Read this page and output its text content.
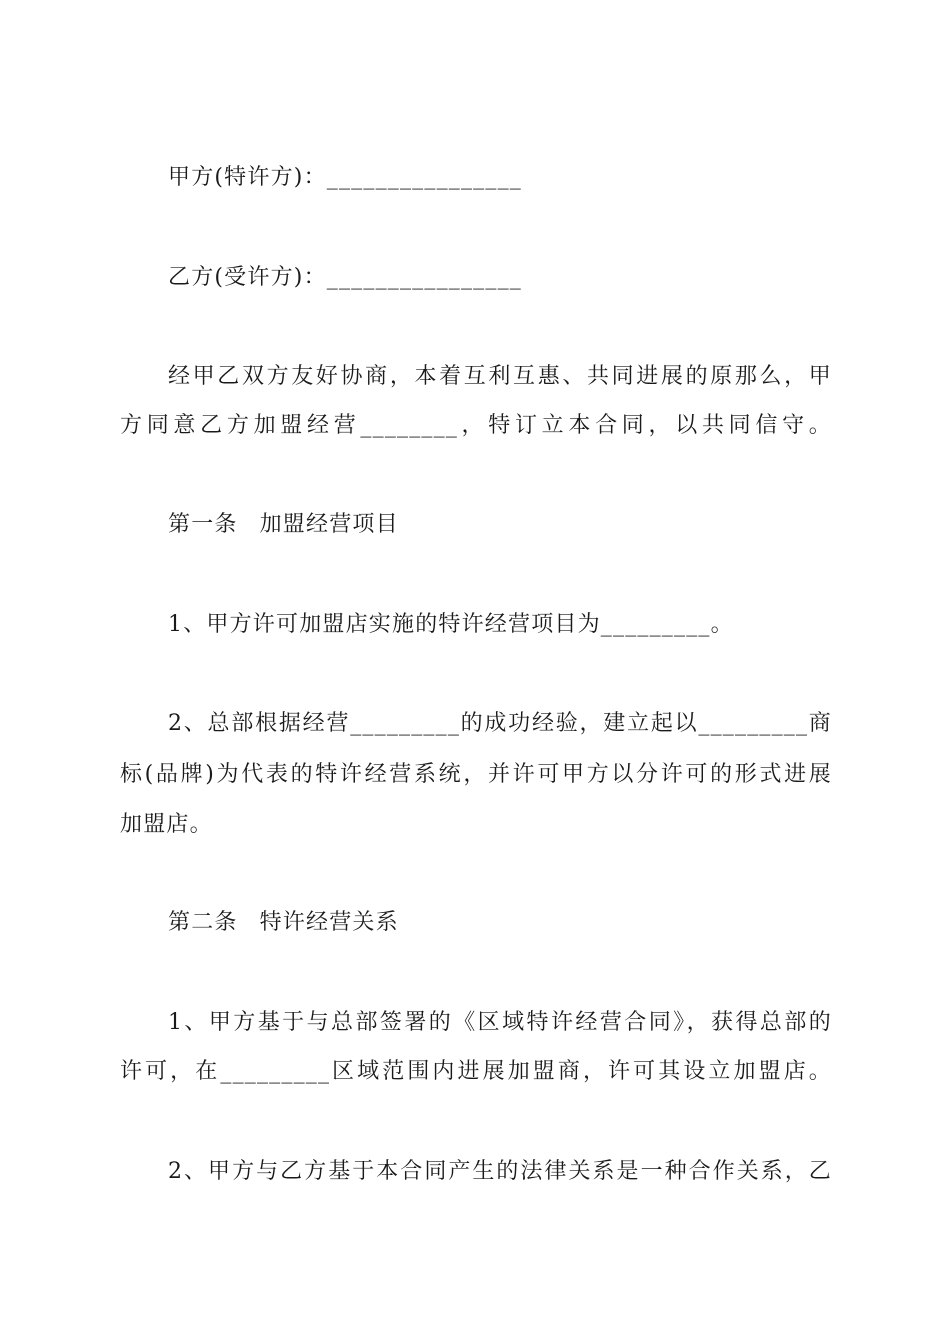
甲方(特许方)：________________
乙方(受许方)：________________
经甲乙双方友好协商，本着互利互惠、共同进展的原那么，甲
方同意乙方加盟经营________，特订立本合同，以共同信守。
第一条 加盟经营项目
1、甲方许可加盟店实施的特许经营项目为_________。
2、总部根据经营_________的成功经验，建立起以_________商
标(品牌)为代表的特许经营系统，并许可甲方以分许可的形式进展
加盟店。
第二条 特许经营关系
1、甲方基于与总部签署的《区域特许经营合同》，获得总部的
许可，在_________区域范围内进展加盟商，许可其设立加盟店。
2、甲方与乙方基于本合同产生的法律关系是一种合作关系，乙
